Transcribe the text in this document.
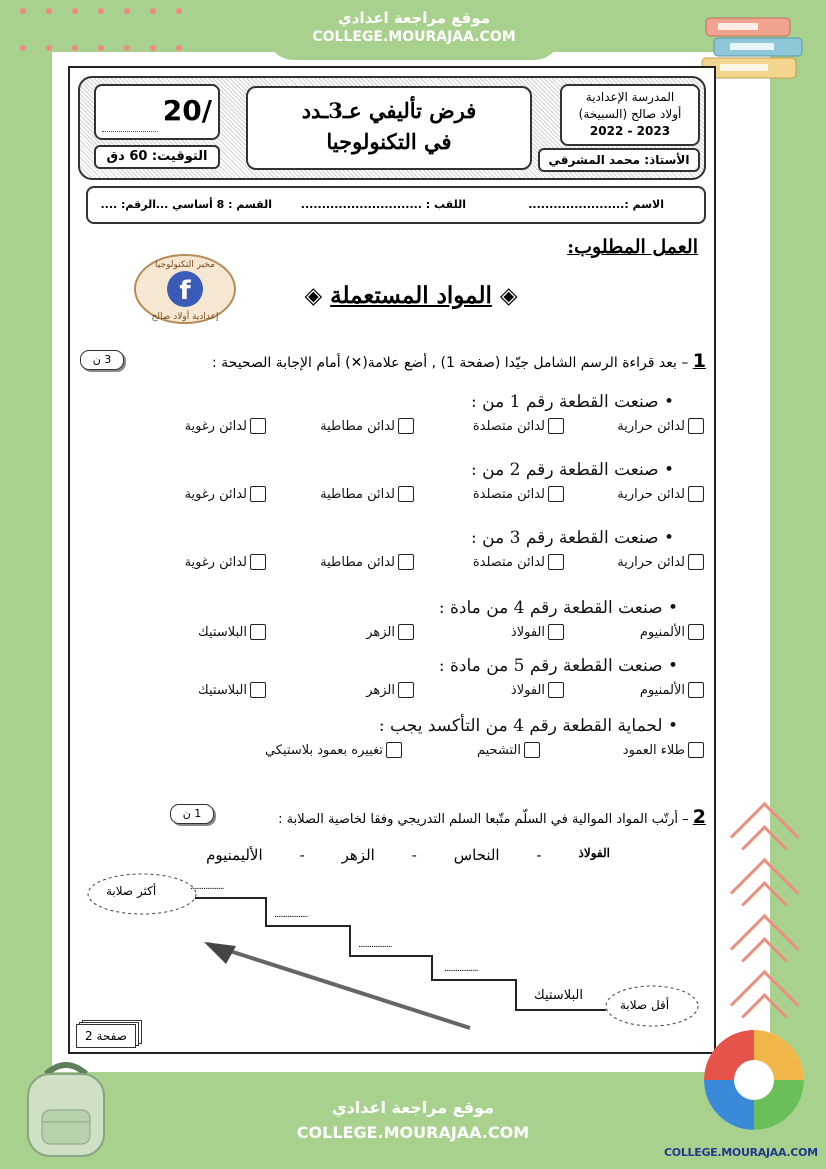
موقع مراجعة اعدادي
COLLEGE.MOURAJAA.COM
20/
التوقيت: 60 دق
فرض تأليفي عـ3ـدد
في التكنولوجيا
المدرسة الإعدادية
أولاد صالح (السبيخة)
2023 - 2022
الأستاذ: محمد المشرقي
الاسم :.......................
اللقب : .............................
القسم : 8 أساسي ...
الرقم: ....
العمل المطلوب:
f
مخبر التكنولوجيا
إعدادية أولاد صالح
◈ المواد المستعملة ◈
1 – بعد قراءة الرسم الشامل جيّدا (صفحة 1) , أضع علامة(✕) أمام الإجابة الصحيحة :
3 ن
• صنعت القطعة رقم 1 من :
لدائن حرارية
لدائن متصلدة
لدائن مطاطية
لدائن رغوية
• صنعت القطعة رقم 2 من :
لدائن حرارية
لدائن متصلدة
لدائن مطاطية
لدائن رغوية
• صنعت القطعة رقم 3 من :
لدائن حرارية
لدائن متصلدة
لدائن مطاطية
لدائن رغوية
• صنعت القطعة رقم 4 من مادة :
الألمنيوم
الفولاذ
الزهر
البلاستيك
• صنعت القطعة رقم 5 من مادة :
الألمنيوم
الفولاذ
الزهر
البلاستيك
• لحماية القطعة رقم 4 من التأكسد يجب :
طلاء العمود
التشحيم
تغييره بعمود بلاستيكي
2 – أرتّب المواد الموالية في السلّم متّبعا السلم التدريجي وفقا لخاصية الصلابة :
1 ن
الفولاذ
-
النحاس
-
الزهر
-
الأليمنيوم
أكثر صلابة
أقل صلابة
..................
..................
..................
..................
البلاستيك
صفحة 2
موقع مراجعة اعدادي
COLLEGE.MOURAJAA.COM
COLLEGE.MOURAJAA.COM
